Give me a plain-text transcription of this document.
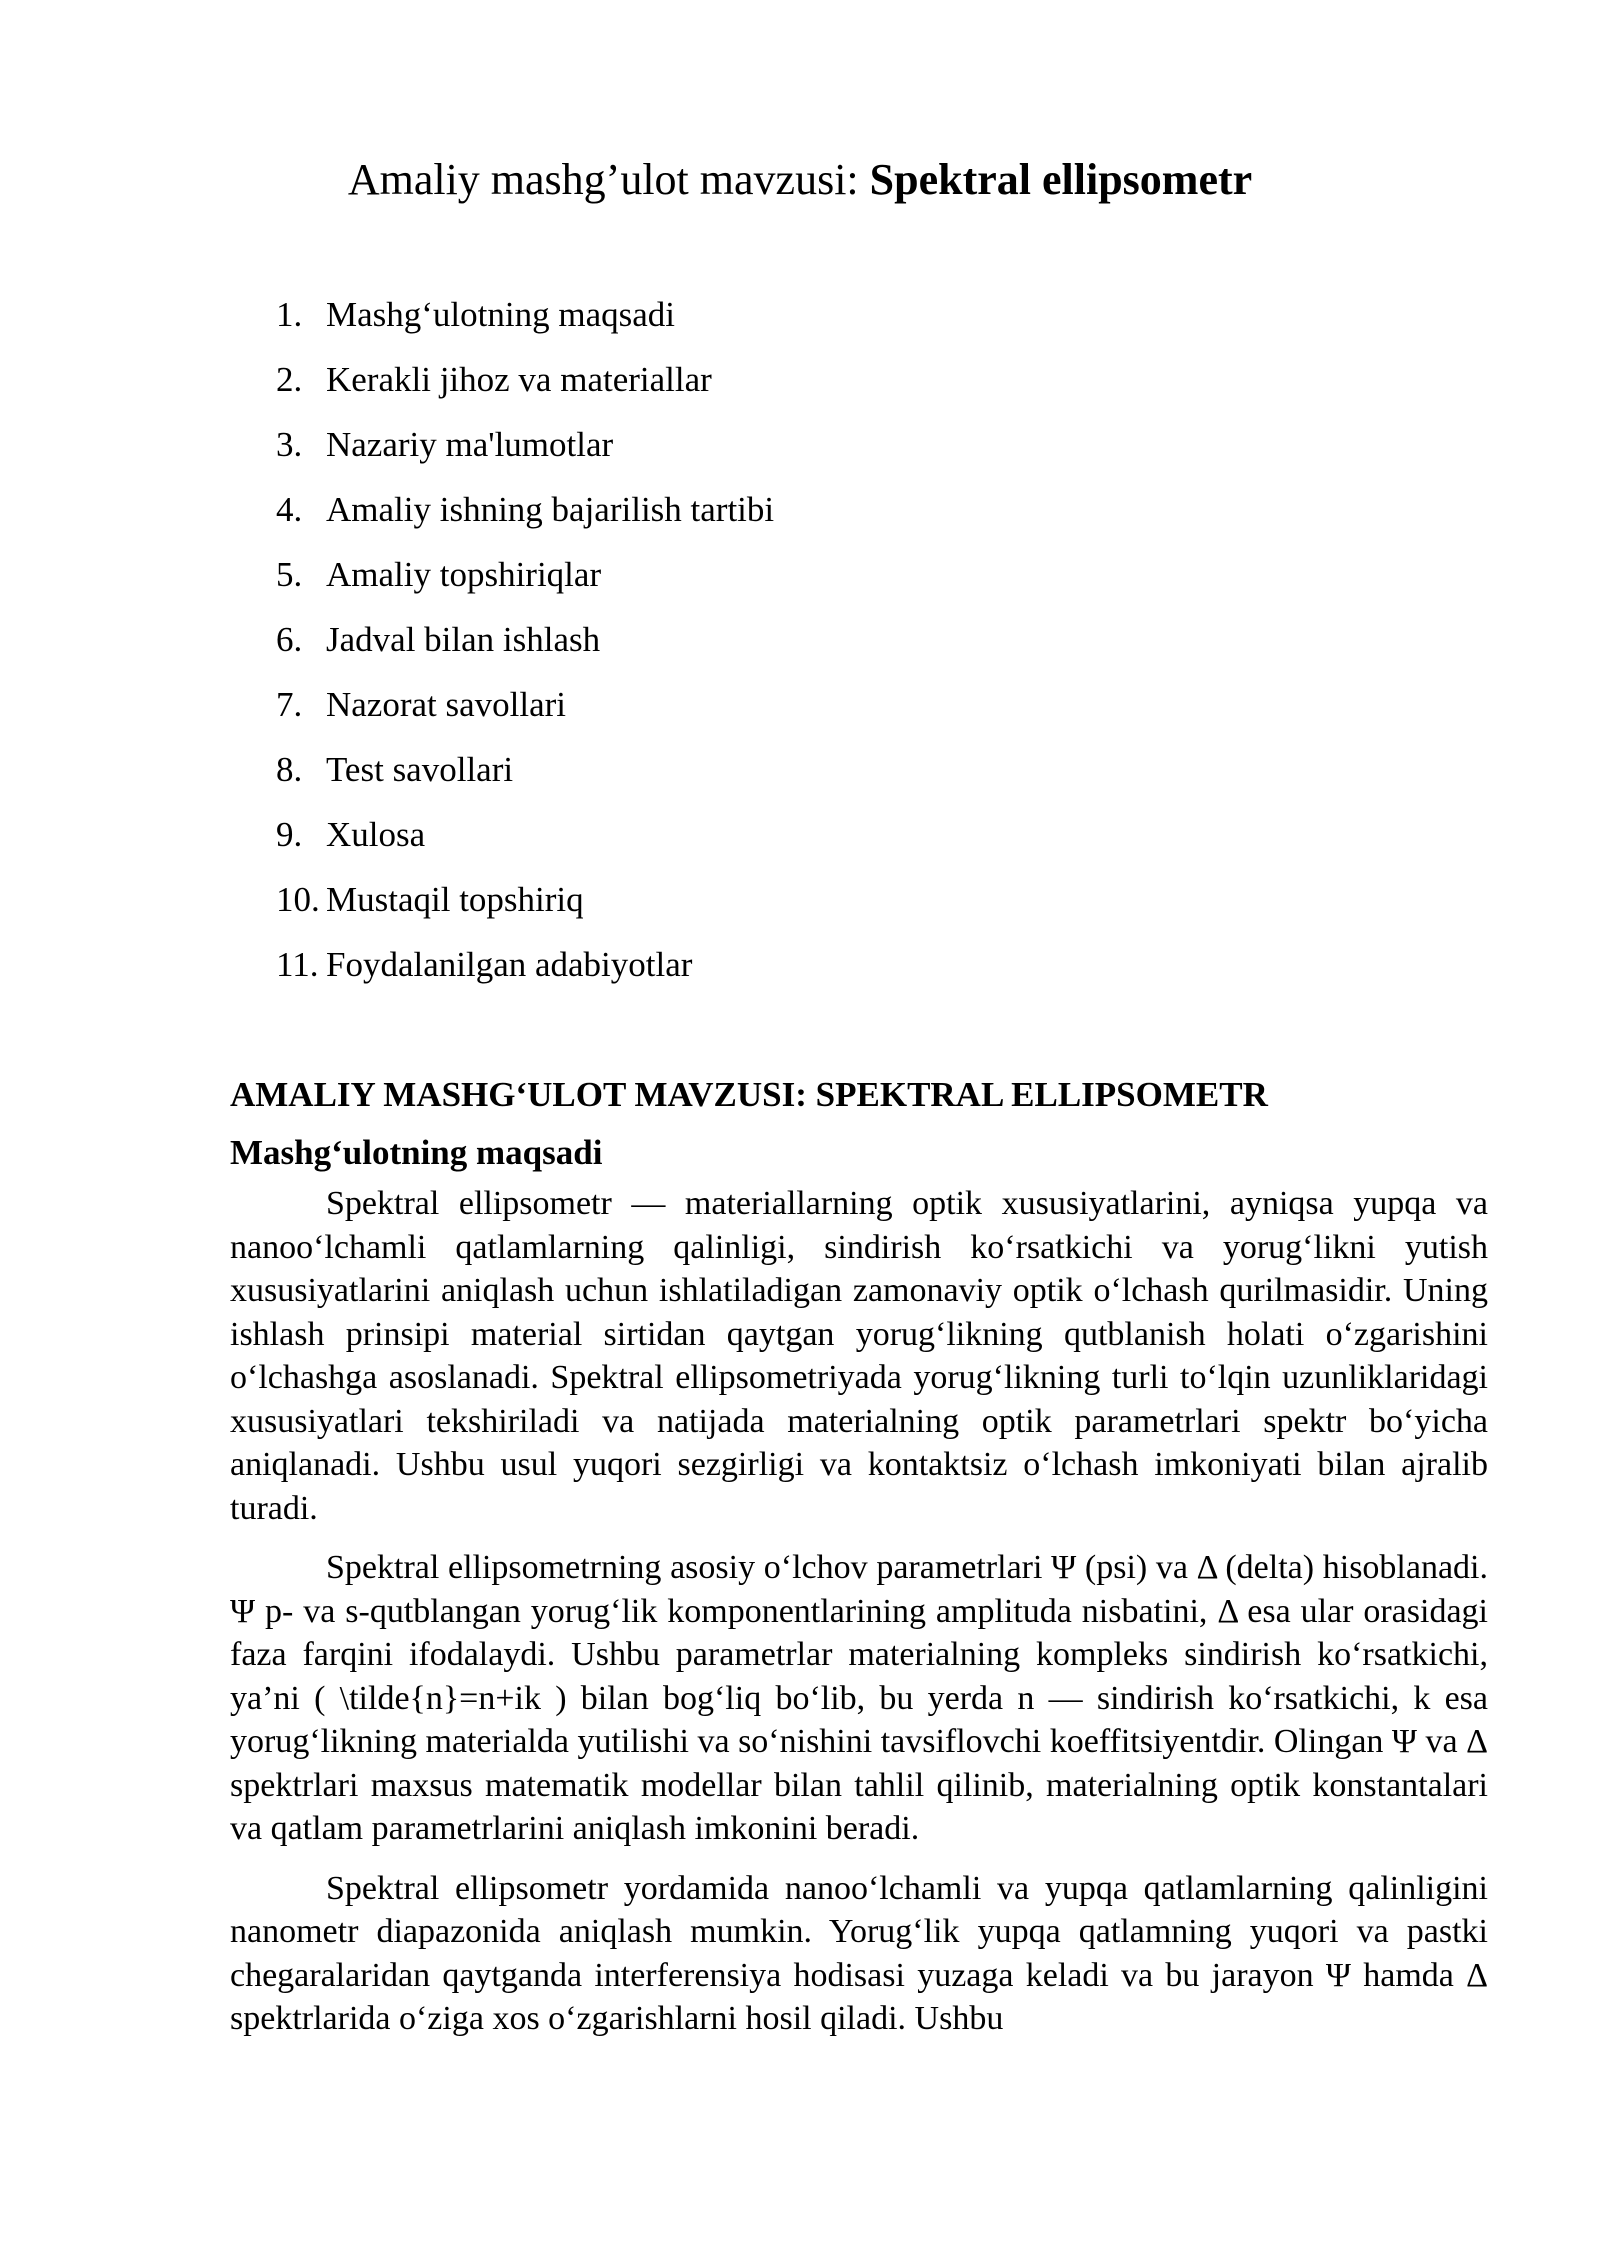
Amaliy mashg’ulot mavzusi: Spektral ellipsometr
1. Mashg‘ulotning maqsadi
2. Kerakli jihoz va materiallar
3. Nazariy ma'lumotlar
4. Amaliy ishning bajarilish tartibi
5. Amaliy topshiriqlar
6. Jadval bilan ishlash
7. Nazorat savollari
8. Test savollari
9. Xulosa
10. Mustaqil topshiriq
11. Foydalanilgan adabiyotlar
AMALIY MASHG‘ULOT MAVZUSI: SPEKTRAL ELLIPSOMETR
Mashg‘ulotning maqsadi

Spektral ellipsometr — materiallarning optik xususiyatlarini, ayniqsa yupqa va nanoo‘lchamli qatlamlarning qalinligi, sindirish ko‘rsatkichi va yorug‘likni yutish xususiyatlarini aniqlash uchun ishlatiladigan zamonaviy optik o‘lchash qurilmasidir. Uning ishlash prinsipi material sirtidan qaytgan yorug‘likning qutblanish holati o‘zgarishini o‘lchashga asoslanadi. Spektral ellipsometriyada yorug‘likning turli to‘lqin uzunliklaridagi xususiyatlari tekshiriladi va natijada materialning optik parametrlari spektr bo‘yicha aniqlanadi. Ushbu usul yuqori sezgirligi va kontaktsiz o‘lchash imkoniyati bilan ajralib turadi.

Spektral ellipsometrning asosiy o‘lchov parametrlari Ψ (psi) va Δ (delta) hisoblanadi. Ψ p- va s-qutblangan yorug‘lik komponentlarining amplituda nisbatini, Δ esa ular orasidagi faza farqini ifodalaydi. Ushbu parametrlar materialning kompleks sindirish ko‘rsatkichi, ya’ni ( \tilde{n}=n+ik ) bilan bog‘liq bo‘lib, bu yerda n — sindirish ko‘rsatkichi, k esa yorug‘likning materialda yutilishi va so‘nishini tavsiflovchi koeffitsiyentdir. Olingan Ψ va Δ spektrlari maxsus matematik modellar bilan tahlil qilinib, materialning optik konstantalari va qatlam parametrlarini aniqlash imkonini beradi.

Spektral ellipsometr yordamida nanoo‘lchamli va yupqa qatlamlarning qalinligini nanometr diapazonida aniqlash mumkin. Yorug‘lik yupqa qatlamning yuqori va pastki chegaralaridan qaytganda interferensiya hodisasi yuzaga keladi va bu jarayon Ψ hamda Δ spektrlarida o‘ziga xos o‘zgarishlarni hosil qiladi. Ushbu
